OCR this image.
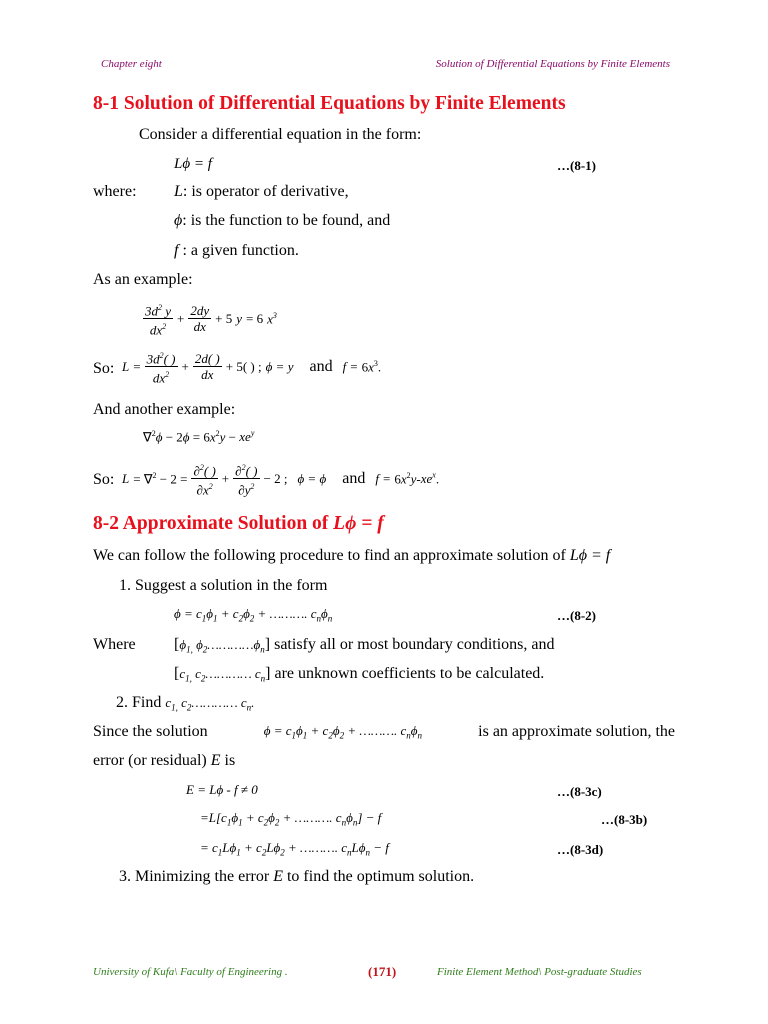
Chapter eight	Solution of Differential Equations by Finite Elements
8-1 Solution of Differential Equations by Finite Elements
Consider a differential equation in the form:
Lϕ = f	…(8-1)
where: L: is operator of derivative,
ϕ: is the function to be found, and
f : a given function.
As an example:
$\frac{3d^2 y}{dx^2} + \frac{2dy}{dx} + 5$ y = 6 $x^3$
So: $L = \frac{3d^2( )}{dx^2} + \frac{2d( )}{dx} + 5$( ) ; ϕ = y and $f = 6x^3$.
And another example:
$\nabla^2\phi - 2\phi = 6x^2y - xe^y$
So: $L = \nabla^2 - 2 = \frac{\partial^2( )}{\partial x^2} + \frac{\partial^2( )}{\partial y^2} - 2$ ; ϕ = ϕ and $f = 6x^2y-xe^x$.
8-2 Approximate Solution of Lϕ = f
We can follow the following procedure to find an approximate solution of Lϕ = f
1. Suggest a solution in the form
$\phi = c_1\phi_1 + c_2\phi_2$ + ………. $c_n\phi_n$	…(8-2)
Where [$\phi_{1,}$ $\phi_2\dots\dots\dots\dots\phi_n$] satisfy all or most boundary conditions, and
[$c_{1,}$ $c_2\dots\dots\dots\dots$ $c_n$] are unknown coefficients to be calculated.
2. Find $c_{1,}$ $c_2\dots\dots\dots\dots$ $c_n$.
Since the solution	$\phi = c_1\phi_1 + c_2\phi_2$ + ………. $c_n\phi_n$	is an approximate solution, the
error (or residual) E is
E = Lϕ - f ≠ 0	…(8-3c)
$=L[c_1\phi_1 + c_2\phi_2$ + ………. $c_n\phi_n] - f$	…(8-3b)
= $c_1L\phi_1 + c_2L\phi_2$ + ………. $c_nL\phi_n - f$	…(8-3d)
3. Minimizing the error E to find the optimum solution.
University of Kufa\ Faculty of Engineering .	(171)	Finite Element Method\ Post-graduate Studies
